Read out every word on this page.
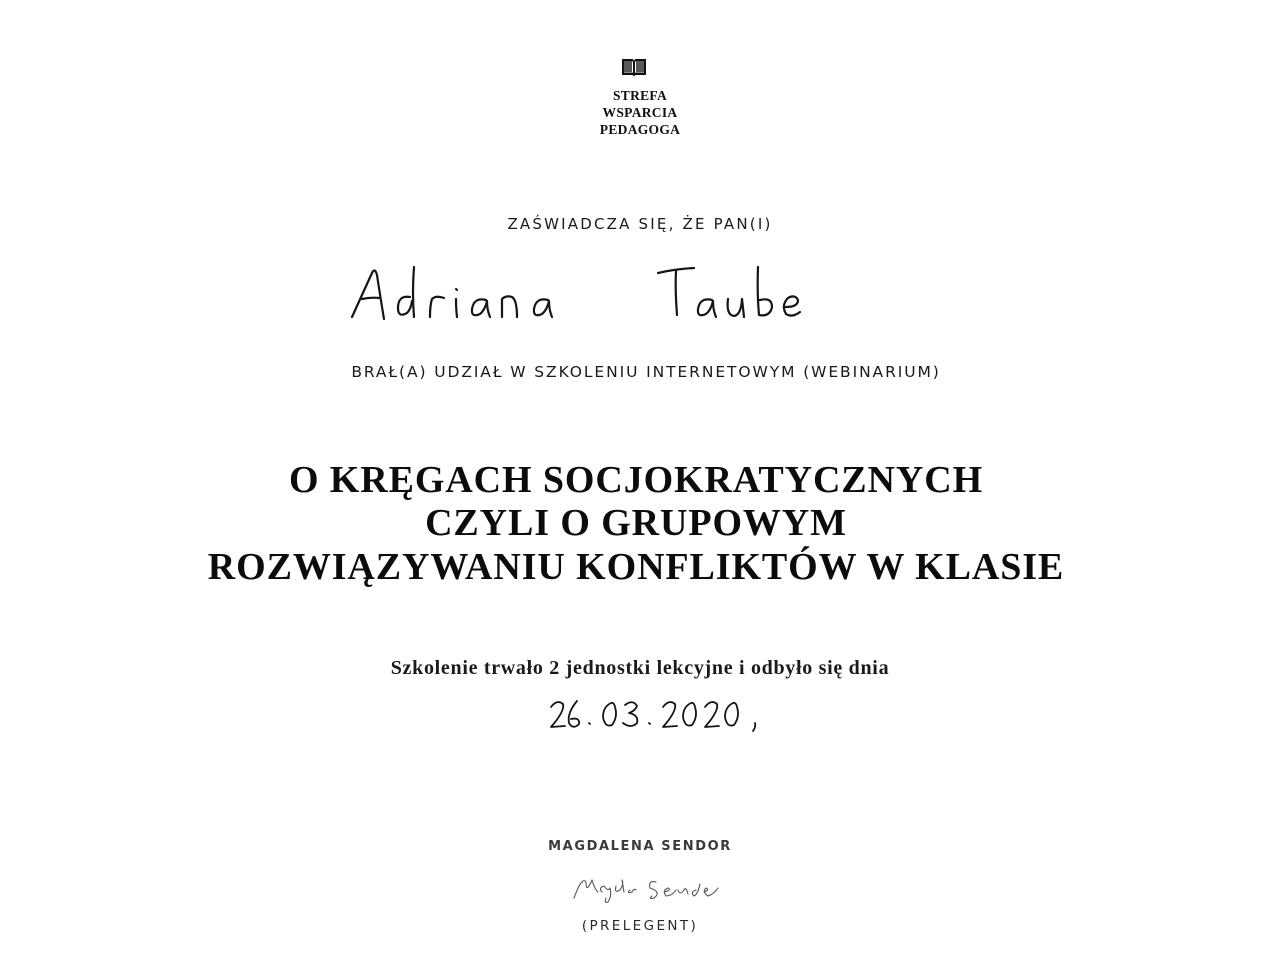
STREFA
WSPARCIA
PEDAGOGA
ZAŚWIADCZA SIĘ, ŻE PAN(I)
BRAŁ(A) UDZIAŁ W SZKOLENIU INTERNETOWYM (WEBINARIUM)
O KRĘGACH SOCJOKRATYCZNYCH
CZYLI O GRUPOWYM
ROZWIĄZYWANIU KONFLIKTÓW W KLASIE
Szkolenie trwało 2 jednostki lekcyjne i odbyło się dnia
MAGDALENA SENDOR
(PRELEGENT)
